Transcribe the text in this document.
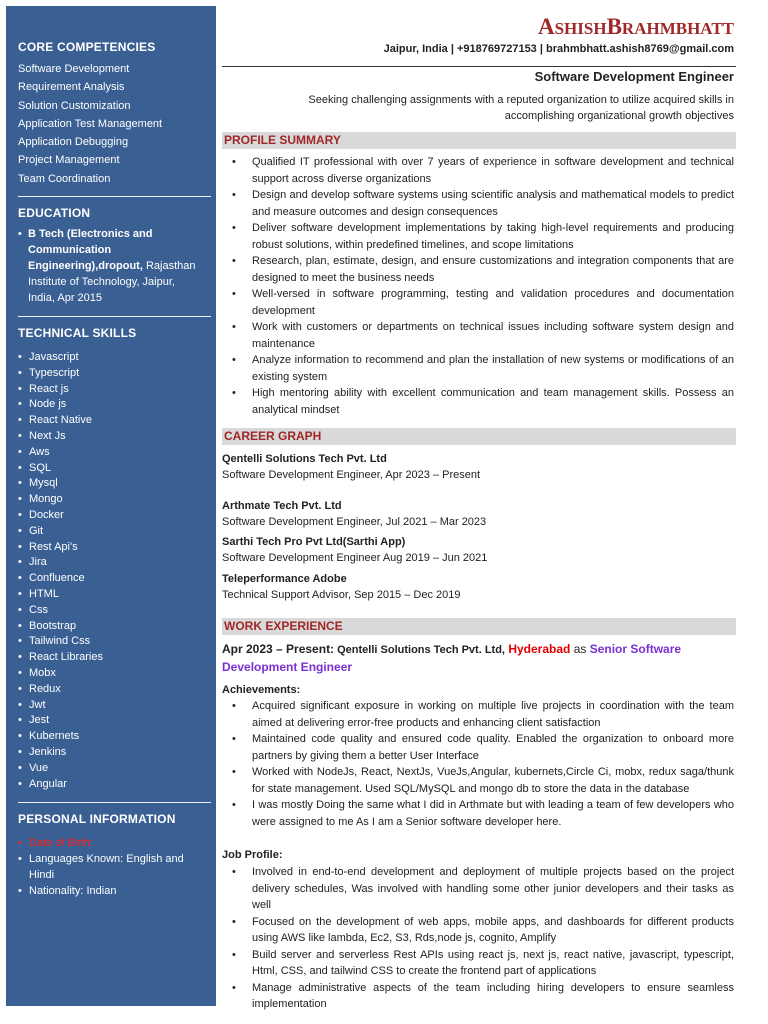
CORE COMPETENCIES
Software Development
Requirement Analysis
Solution Customization
Application Test Management
Application Debugging
Project Management
Team Coordination
EDUCATION
• B Tech (Electronics and Communication Engineering),dropout, Rajasthan Institute of Technology, Jaipur, India, Apr 2015
TECHNICAL SKILLS
• Javascript
• Typescript
• React js
• Node js
• React Native
• Next Js
• Aws
• SQL
• Mysql
• Mongo
• Docker
• Git
• Rest Api's
• Jira
• Confluence
• HTML
• Css
• Bootstrap
• Tailwind Css
• React Libraries
• Mobx
• Redux
• Jwt
• Jest
• Kubernets
• Jenkins
• Vue
• Angular
PERSONAL INFORMATION
• Date of Birth:
• Languages Known: English and Hindi
• Nationality: Indian
ASHISHBRAHMBHATT
Jaipur, India | +918769727153 | brahmbhatt.ashish8769@gmail.com
Software Development Engineer
Seeking challenging assignments with a reputed organization to utilize acquired skills in accomplishing organizational growth objectives
PROFILE SUMMARY
• Qualified IT professional with over 7 years of experience in software development and technical support across diverse organizations
• Design and develop software systems using scientific analysis and mathematical models to predict and measure outcomes and design consequences
• Deliver software development implementations by taking high-level requirements and producing robust solutions, within predefined timelines, and scope limitations
• Research, plan, estimate, design, and ensure customizations and integration components that are designed to meet the business needs
• Well-versed in software programming, testing and validation procedures and documentation development
• Work with customers or departments on technical issues including software system design and maintenance
• Analyze information to recommend and plan the installation of new systems or modifications of an existing system
• High mentoring ability with excellent communication and team management skills. Possess an analytical mindset
CAREER GRAPH
Qentelli Solutions Tech Pvt. Ltd
Software Development Engineer, Apr 2023 – Present
Arthmate Tech Pvt. Ltd
Software Development Engineer, Jul 2021 – Mar 2023
Sarthi Tech Pro Pvt Ltd(Sarthi App)
Software Development Engineer Aug 2019 – Jun 2021
Teleperformance Adobe
Technical Support Advisor, Sep 2015 – Dec 2019
WORK EXPERIENCE
Apr 2023 – Present: Qentelli Solutions Tech Pvt. Ltd, Hyderabad as Senior Software Development Engineer
Achievements:
• Acquired significant exposure in working on multiple live projects in coordination with the team aimed at delivering error-free products and enhancing client satisfaction
• Maintained code quality and ensured code quality. Enabled the organization to onboard more partners by giving them a better User Interface
• Worked with NodeJs, React, NextJs, VueJs,Angular, kubernets,Circle Ci, mobx, redux saga/thunk for state management. Used SQL/MySQL and mongo db to store the data in the database
• I was mostly Doing the same what I did in Arthmate but with leading a team of few developers who were assigned to me As I am a Senior software developer here.
Job Profile:
• Involved in end-to-end development and deployment of multiple projects based on the project delivery schedules, Was involved with handling some other junior developers and their tasks as well
• Focused on the development of web apps, mobile apps, and dashboards for different products using AWS like lambda, Ec2, S3, Rds,node js, cognito, Amplify
• Build server and serverless Rest APIs using react js, next js, react native, javascript, typescript, Html, CSS, and tailwind CSS to create the frontend part of applications
• Manage administrative aspects of the team including hiring developers to ensure seamless implementation
